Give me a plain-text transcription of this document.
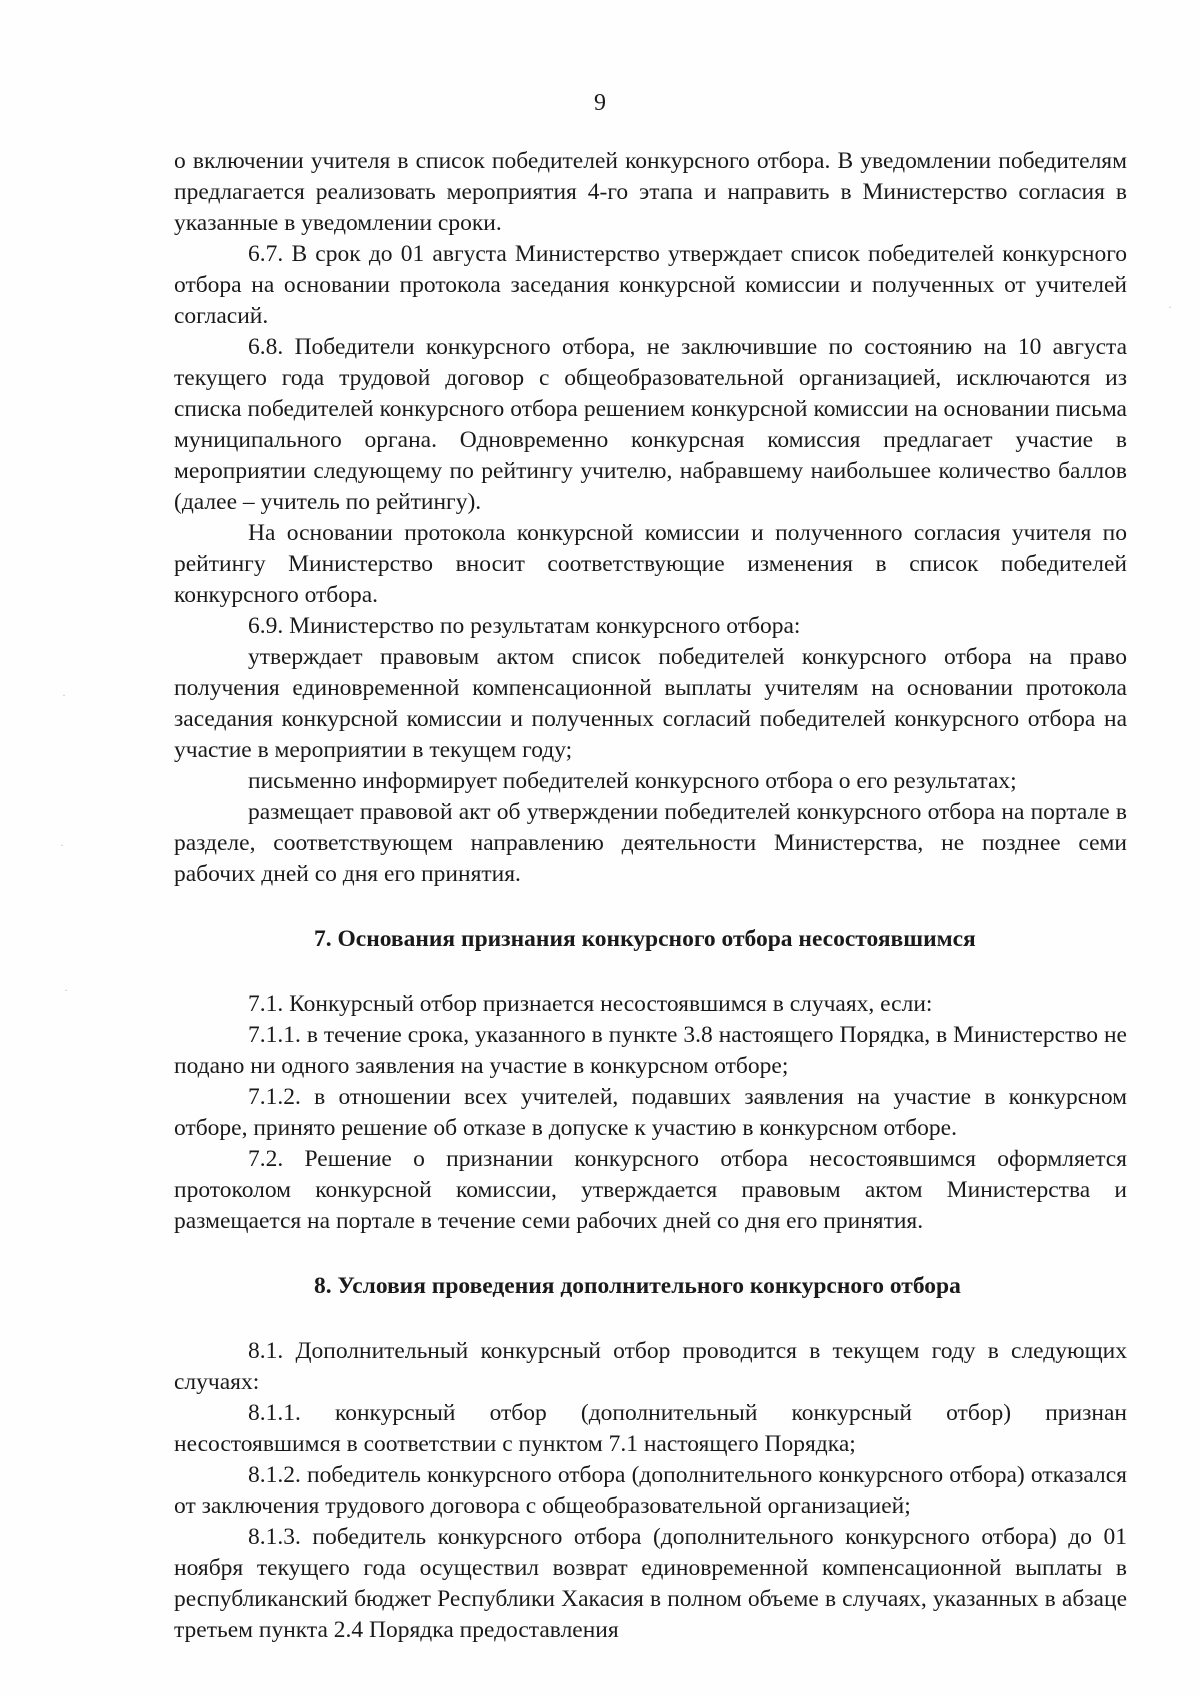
9

о включении учителя в список победителей конкурсного отбора. В уведомлении победителям предлагается реализовать мероприятия 4-го этапа и направить в Министерство согласия в указанные в уведомлении сроки.

6.7. В срок до 01 августа Министерство утверждает список победителей конкурсного отбора на основании протокола заседания конкурсной комиссии и полученных от учителей согласий.

6.8. Победители конкурсного отбора, не заключившие по состоянию на 10 августа текущего года трудовой договор с общеобразовательной организацией, исключаются из списка победителей конкурсного отбора решением конкурсной комиссии на основании письма муниципального органа. Одновременно конкурсная комиссия предлагает участие в мероприятии следующему по рейтингу учителю, набравшему наибольшее количество баллов (далее – учитель по рейтингу).

На основании протокола конкурсной комиссии и полученного согласия учителя по рейтингу Министерство вносит соответствующие изменения в список победителей конкурсного отбора.

6.9. Министерство по результатам конкурсного отбора:

утверждает правовым актом список победителей конкурсного отбора на право получения единовременной компенсационной выплаты учителям на основании протокола заседания конкурсной комиссии и полученных согласий победителей конкурсного отбора на участие в мероприятии в текущем году;

письменно информирует победителей конкурсного отбора о его результатах;

размещает правовой акт об утверждении победителей конкурсного отбора на портале в разделе, соответствующем направлению деятельности Министерства, не позднее семи рабочих дней со дня его принятия.

7. Основания признания конкурсного отбора несостоявшимся

7.1. Конкурсный отбор признается несостоявшимся в случаях, если:

7.1.1. в течение срока, указанного в пункте 3.8 настоящего Порядка, в Министерство не подано ни одного заявления на участие в конкурсном отборе;

7.1.2. в отношении всех учителей, подавших заявления на участие в конкурсном отборе, принято решение об отказе в допуске к участию в конкурсном отборе.

7.2. Решение о признании конкурсного отбора несостоявшимся оформляется протоколом конкурсной комиссии, утверждается правовым актом Министерства и размещается на портале в течение семи рабочих дней со дня его принятия.

8. Условия проведения дополнительного конкурсного отбора

8.1. Дополнительный конкурсный отбор проводится в текущем году в следующих случаях:

8.1.1. конкурсный отбор (дополнительный конкурсный отбор) признан несостоявшимся в соответствии с пунктом 7.1 настоящего Порядка;

8.1.2. победитель конкурсного отбора (дополнительного конкурсного отбора) отказался от заключения трудового договора с общеобразовательной организацией;

8.1.3. победитель конкурсного отбора (дополнительного конкурсного отбора) до 01 ноября текущего года осуществил возврат единовременной компенсационной выплаты в республиканский бюджет Республики Хакасия в полном объеме в случаях, указанных в абзаце третьем пункта 2.4 Порядка предоставления

·
·
·
·
